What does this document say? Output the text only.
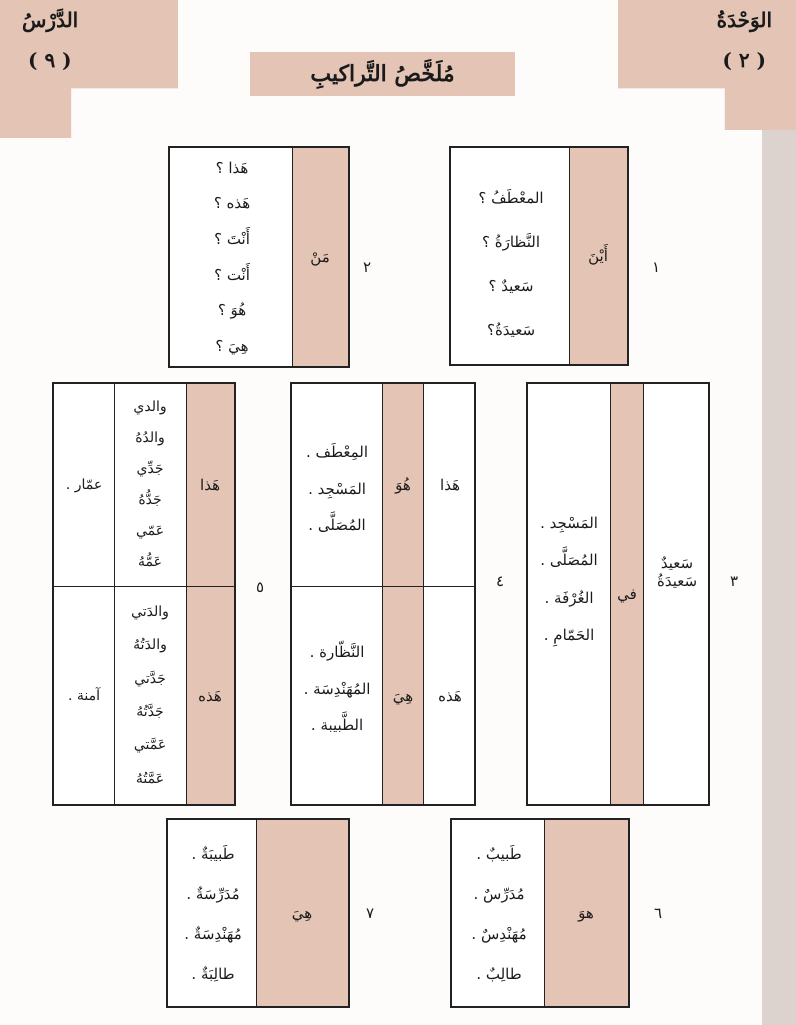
الوَحْدَةُ
( ٢ )
الدَّرْسُ
( ٩ )
مُلَخَّصُ التَّراكيبِ
١
أَيْنَ
المعْطَفُ ؟
النَّظارَةُ ؟
سَعيدٌ ؟
سَعيدَةُ؟
٢
مَنْ
هَذا ؟
هَذه ؟
أَنْتَ ؟
أَنْت ؟
هُوَ ؟
هِيَ ؟
٣
في
سَعيدٌ
سَعيدَةُ
المَسْجِد .
المُصَلَّى .
الغُرْفَة .
الحَمّامِ .
٤
هَذا
هُوَ
المِعْطَف .
المَسْجِد .
المُصَلَّى .
هَذه
هِيَ
النَّظّارة .
المُهَنْدِسَة .
الطَّبيبة .
٥
هَذا
والدي
والدُهُ
جَدِّي
جَدُّهُ
عَمّي
عَمُّهُ
عمّار .
هَذه
والدَتي
والدَتُهُ
جَدَّتي
جَدَّتُهُ
عَمَّتي
عَمَّتُهُ
آمنة .
٦
هوَ
طَبيبٌ .
مُدَرِّسٌ .
مُهَنْدِسٌ .
طالِبٌ .
٧
هِيَ
طَبيبَةٌ .
مُدَرِّسَةٌ .
مُهَنْدِسَةٌ .
طالِبَةٌ .
